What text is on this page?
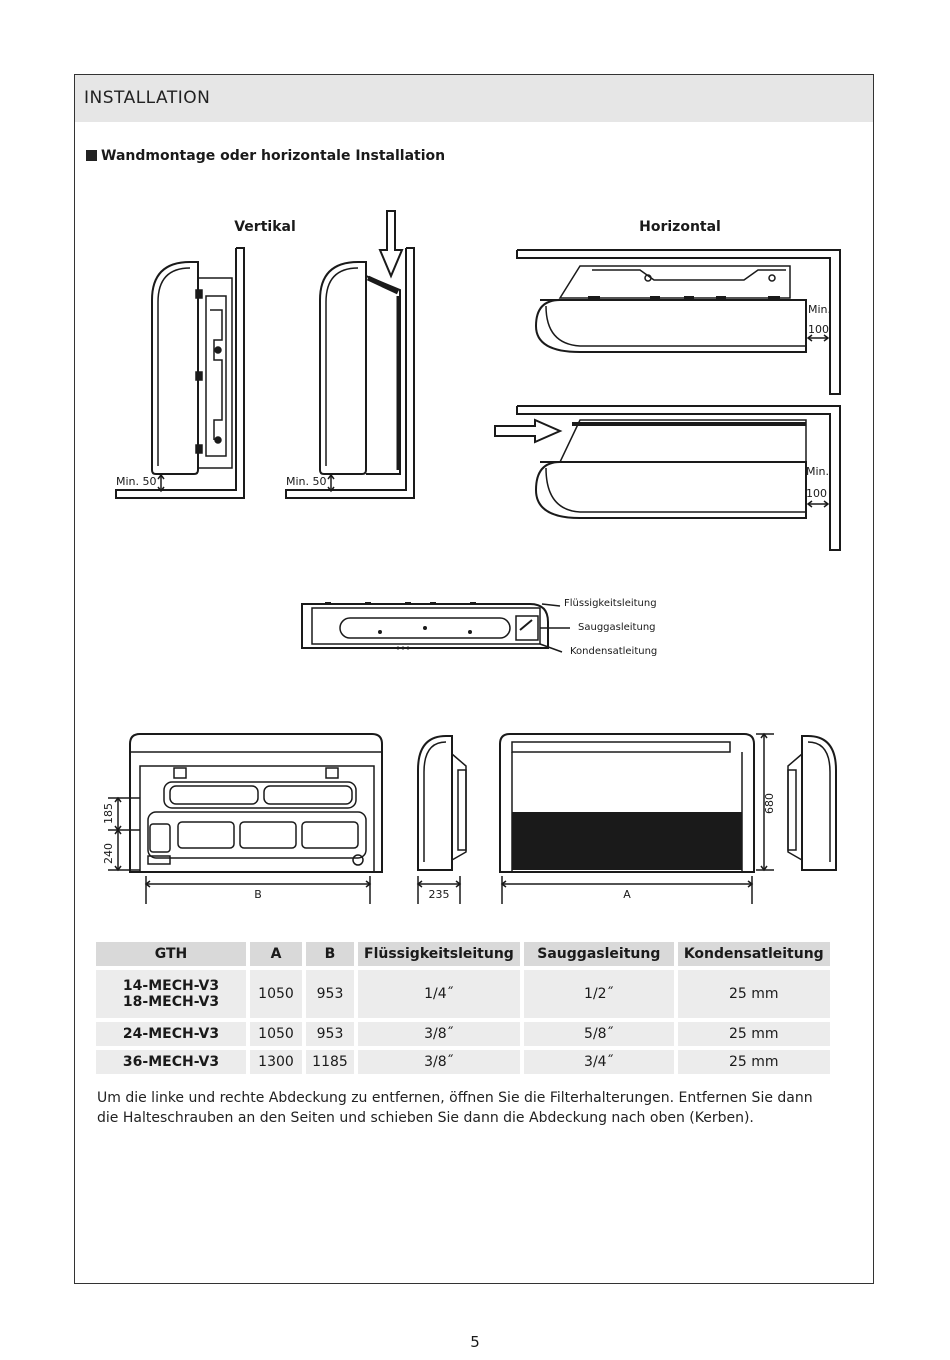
INSTALLATION
Wandmontage oder horizontale Installation
Vertikal	Horizontal
Min. 50	Min. 50
Min.
100
Min.
100
Flüssigkeitsleitung
Sauggasleitung
Kondensatleitung
185
240
B	235	A
680
GTH	A	B	Flüssigkeitsleitung	Sauggasleitung	Kondensatleitung

14-MECH-V3
18-MECH-V3	1050	953	1/4˝	1/2˝	25 mm
24-MECH-V3	1050	953	3/8˝	5/8˝	25 mm
36-MECH-V3	1300	1185	3/8˝	3/4˝	25 mm
Um die linke und rechte Abdeckung zu entfernen, öffnen Sie die Filterhalterungen. Entfernen Sie dann die Halteschrauben an den Seiten und schieben Sie dann die Abdeckung nach oben (Kerben).
5
